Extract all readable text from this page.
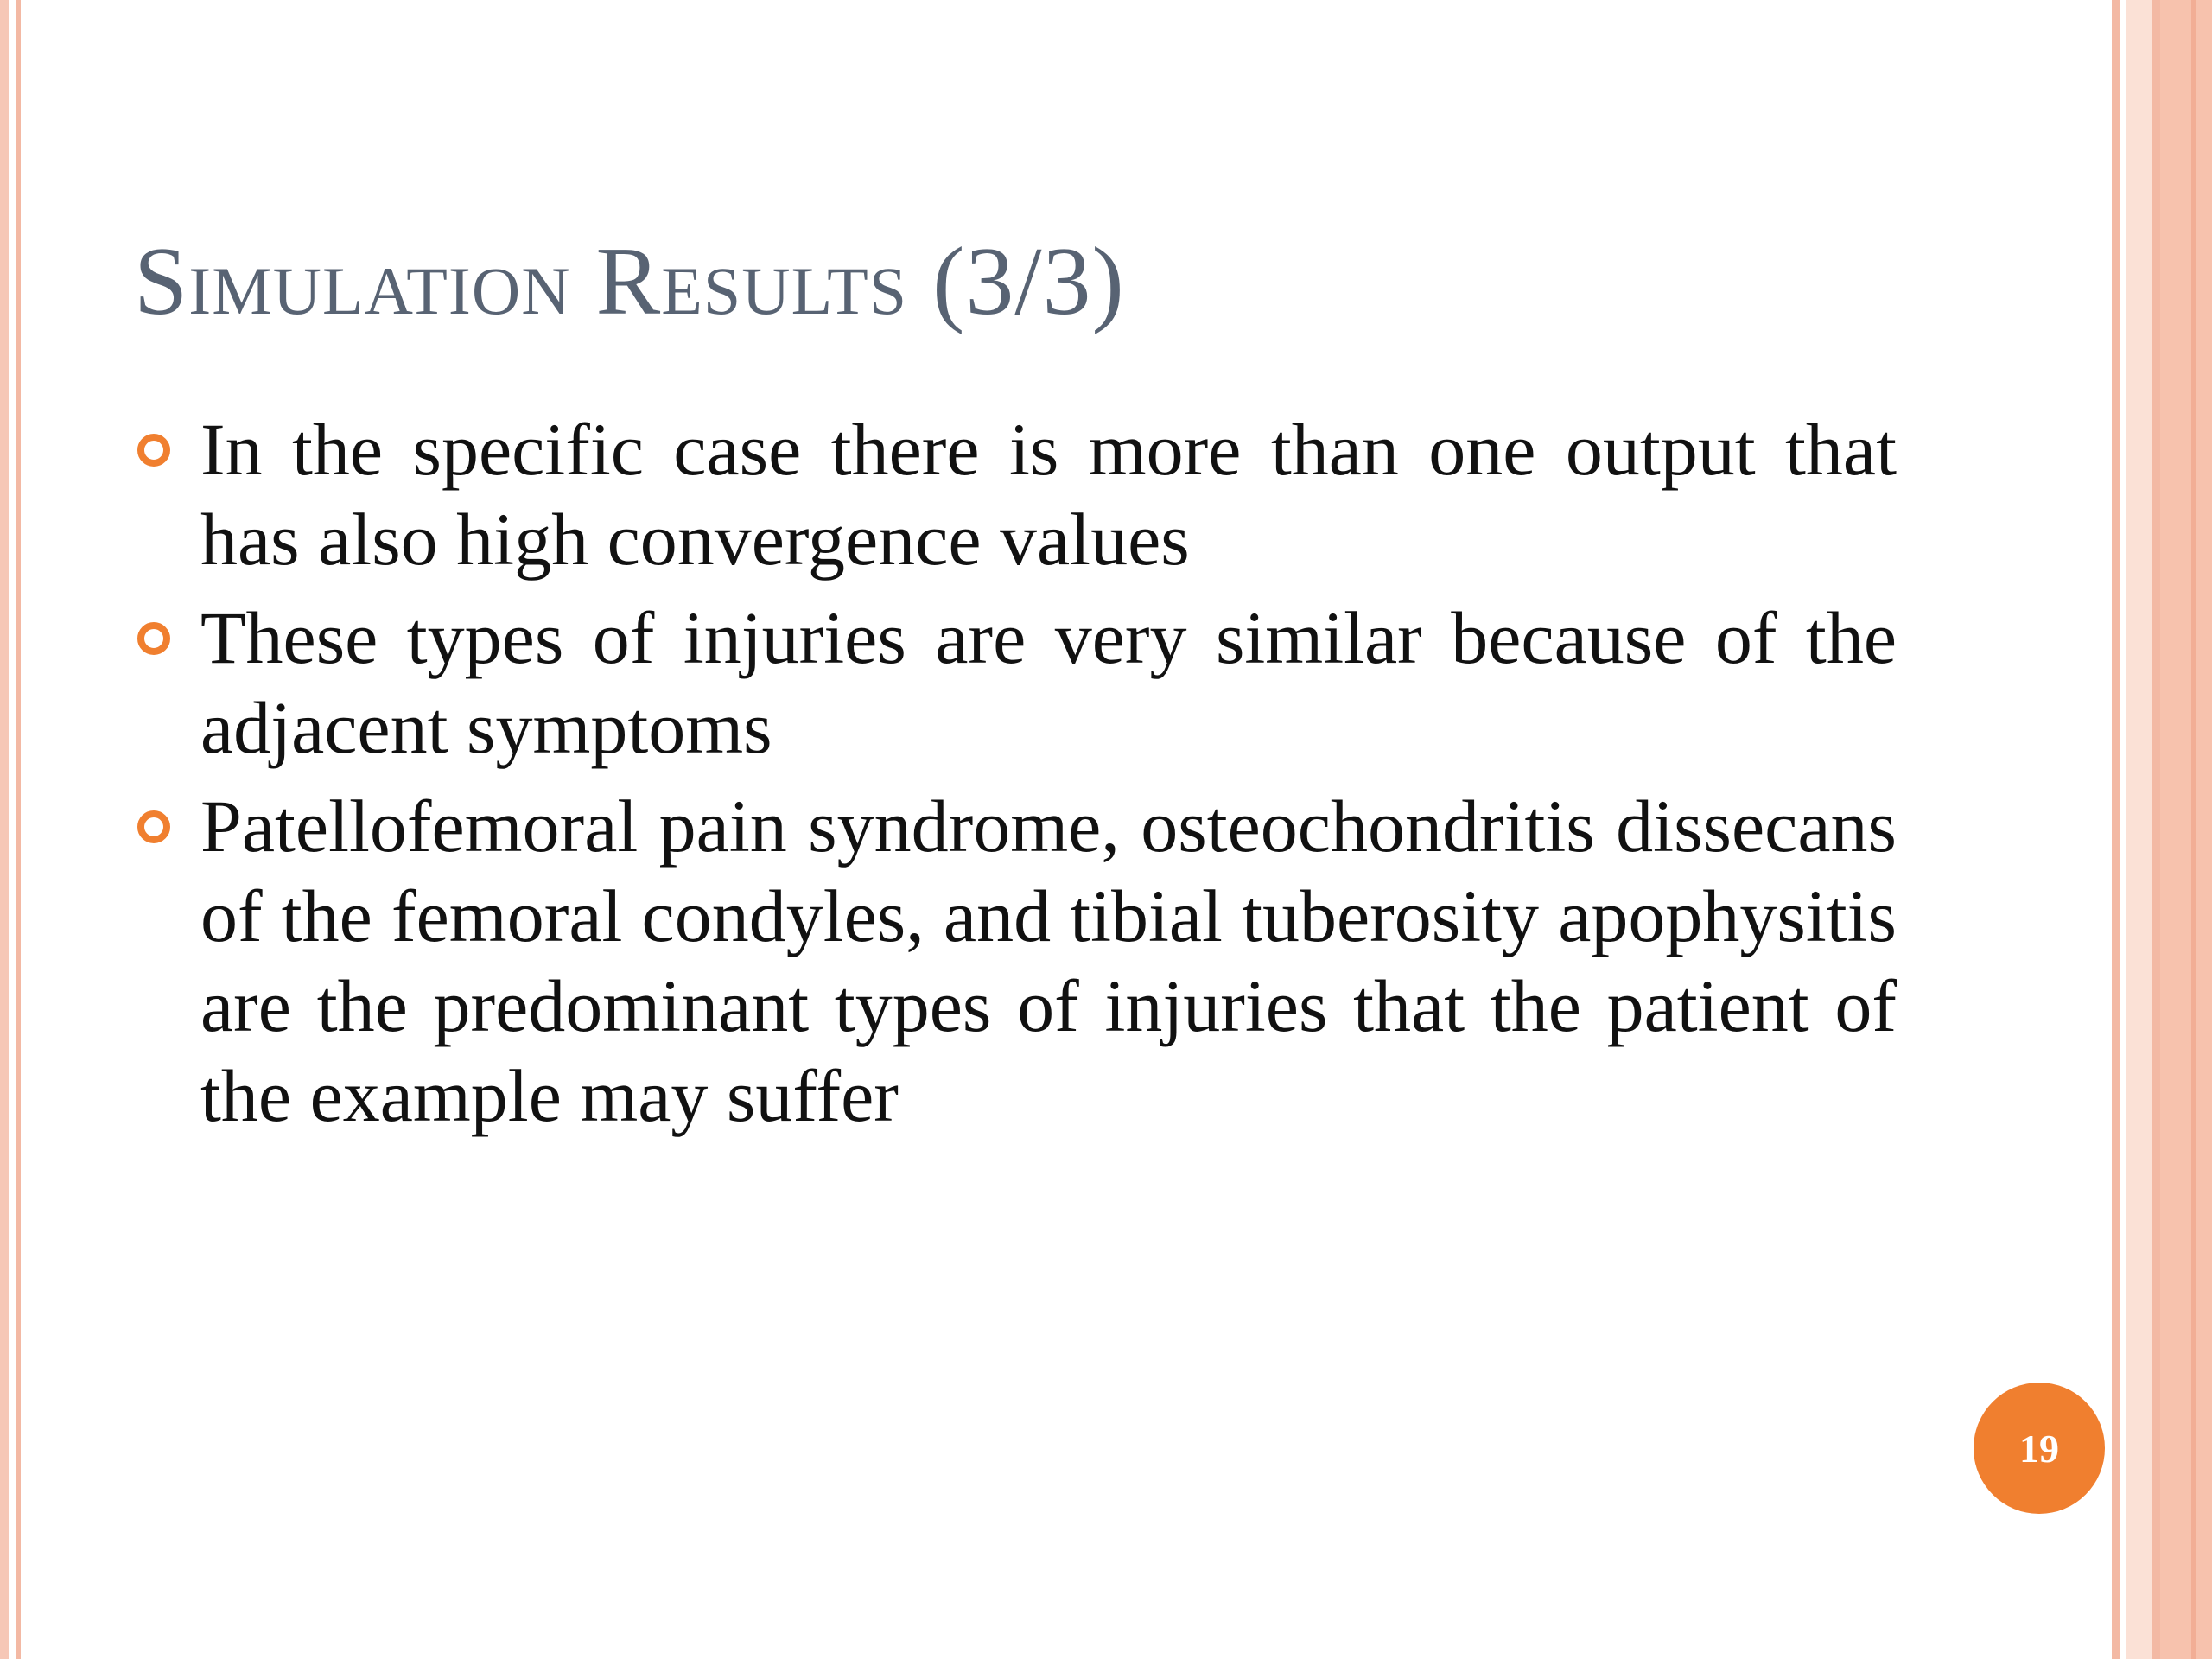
Simulation Results (3/3)
In the specific case there is more than one output that has also high convergence values
These types of injuries are very similar because of the adjacent symptoms
Patellofemoral pain syndrome, osteochondritis dissecans of the femoral condyles, and tibial tuberosity apophysitis are the predominant types of injuries that the patient of the example may suffer
19
